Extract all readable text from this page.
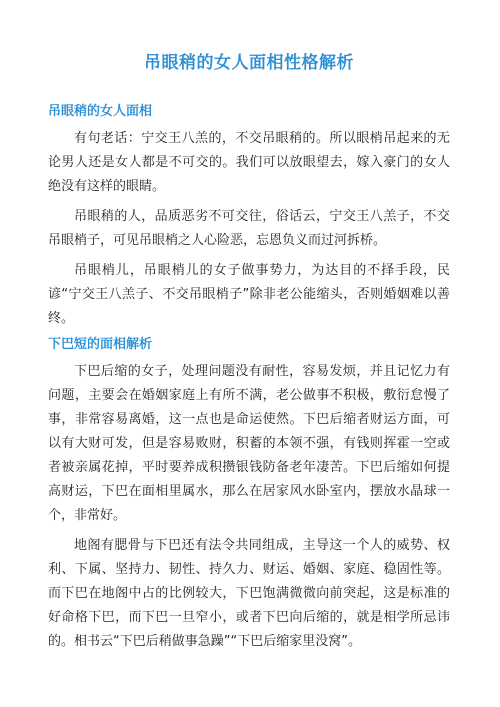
吊眼稍的女人面相性格解析
吊眼稍的女人面相

有句老话：宁交王八羔的，不交吊眼稍的。所以眼梢吊起来的无论男人还是女人都是不可交的。我们可以放眼望去，嫁入豪门的女人绝没有这样的眼睛。

吊眼稍的人，品质恶劣不可交往，俗话云，宁交王八羔子，不交吊眼梢子，可见吊眼梢之人心险恶，忘恩负义而过河拆桥。

吊眼梢儿，吊眼梢儿的女子做事势力，为达目的不择手段，民谚“宁交王八羔子、不交吊眼梢子”除非老公能缩头，否则婚姻难以善终。

下巴短的面相解析

下巴后缩的女子，处理问题没有耐性，容易发烦，并且记忆力有问题，主要会在婚姻家庭上有所不满，老公做事不积极，敷衍怠慢了事，非常容易离婚，这一点也是命运使然。下巴后缩者财运方面，可以有大财可发，但是容易败财，积蓄的本领不强，有钱则挥霍一空或者被亲属花掉，平时要养成积攒银钱防备老年凄苦。下巴后缩如何提高财运，下巴在面相里属水，那么在居家风水卧室内，摆放水晶球一个，非常好。

地阁有腮骨与下巴还有法令共同组成，主导这一个人的威势、权利、下属、坚持力、韧性、持久力、财运、婚姻、家庭、稳固性等。而下巴在地阁中占的比例较大，下巴饱满微微向前突起，这是标准的好命格下巴，而下巴一旦窄小，或者下巴向后缩的，就是相学所忌讳的。相书云“下巴后稍做事急躁”“下巴后缩家里没窝”。
